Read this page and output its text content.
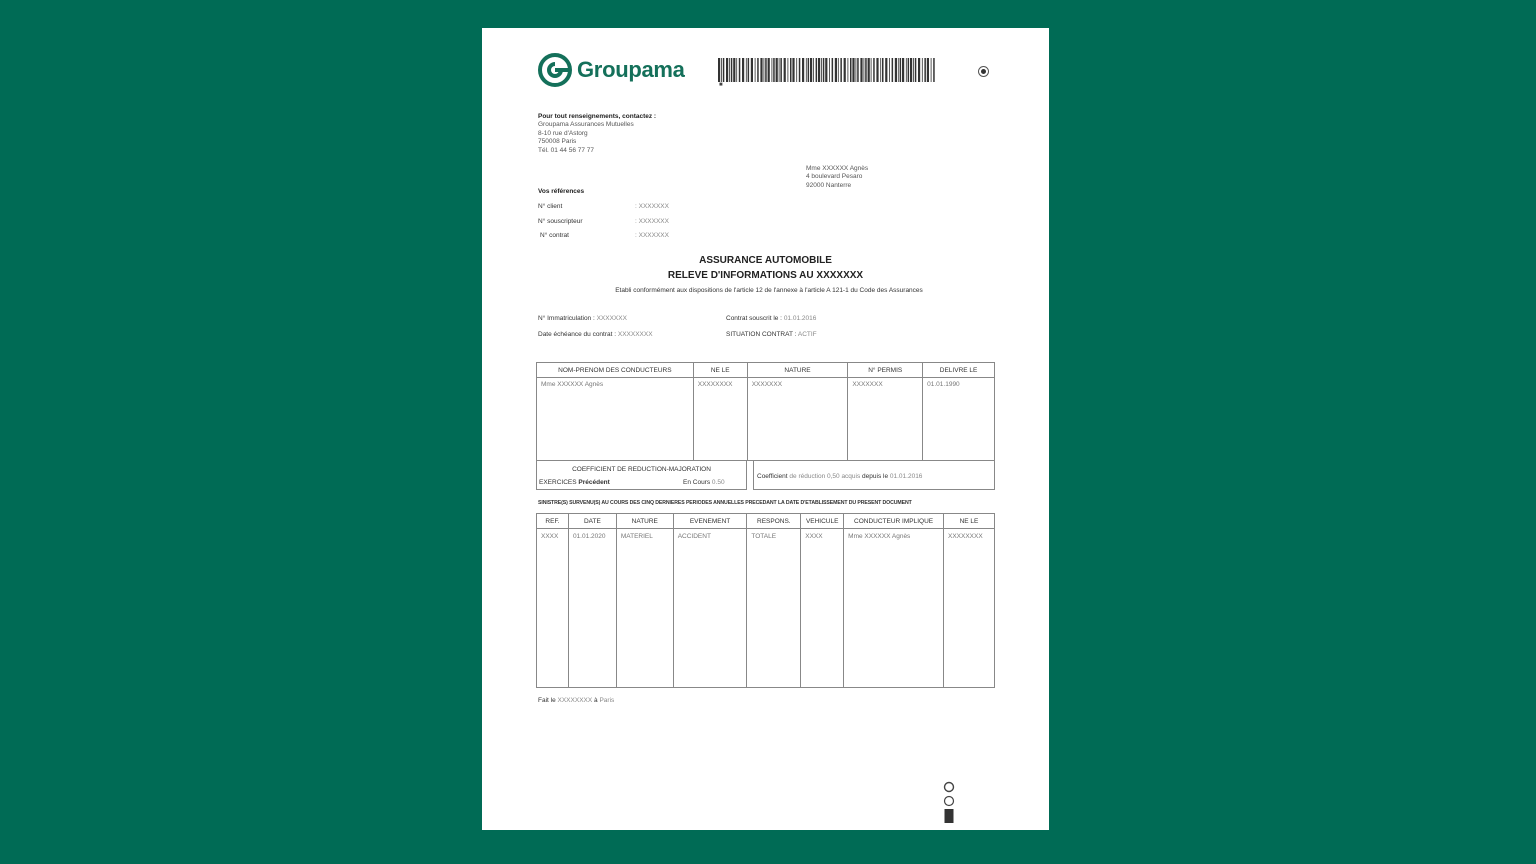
Groupama
■
Pour tout renseignements, contactez :
Groupama Assurances Mutuelles
8-10 rue d'Astorg
750008 Paris
Tél. 01 44 56 77 77
Mme XXXXXX Agnès
4 boulevard Pesaro
92000 Nanterre
Vos références
N° client	: XXXXXXX
N° souscripteur	: XXXXXXX
N° contrat	: XXXXXXX
ASSURANCE AUTOMOBILE
RELEVE D'INFORMATIONS AU XXXXXXX
Etabli conformément aux dispositions de l'article 12 de l'annexe à l'article A 121-1 du Code des Assurances
N° Immatriculation : XXXXXXX
Date échéance du contrat : XXXXXXXX
Contrat souscrit le : 01.01.2016
SITUATION CONTRAT : ACTIF
NOM-PRENOM DES CONDUCTEURS	NE LE	NATURE	N° PERMIS	DELIVRE LE
Mme XXXXXX Agnès	XXXXXXXX	XXXXXXX	XXXXXXX	01.01.1990
COEFFICIENT DE REDUCTION-MAJORATION
EXERCICES Précédent	En Cours 0.50
Coefficient de réduction 0,50 acquis depuis le 01.01.2016
SINISTRE(S) SURVENU(S) AU COURS DES CINQ DERNIERES PERIODES ANNUELLES PRECEDANT LA DATE D'ETABLISSEMENT DU PRESENT DOCUMENT
REF.	DATE	NATURE	EVENEMENT	RESPONS.	VEHICULE	CONDUCTEUR IMPLIQUE	NE LE
XXXX	01.01.2020	MATERIEL	ACCIDENT	TOTALE	XXXX	Mme XXXXXX Agnès	XXXXXXXX
Fait le XXXXXXXX à Paris
